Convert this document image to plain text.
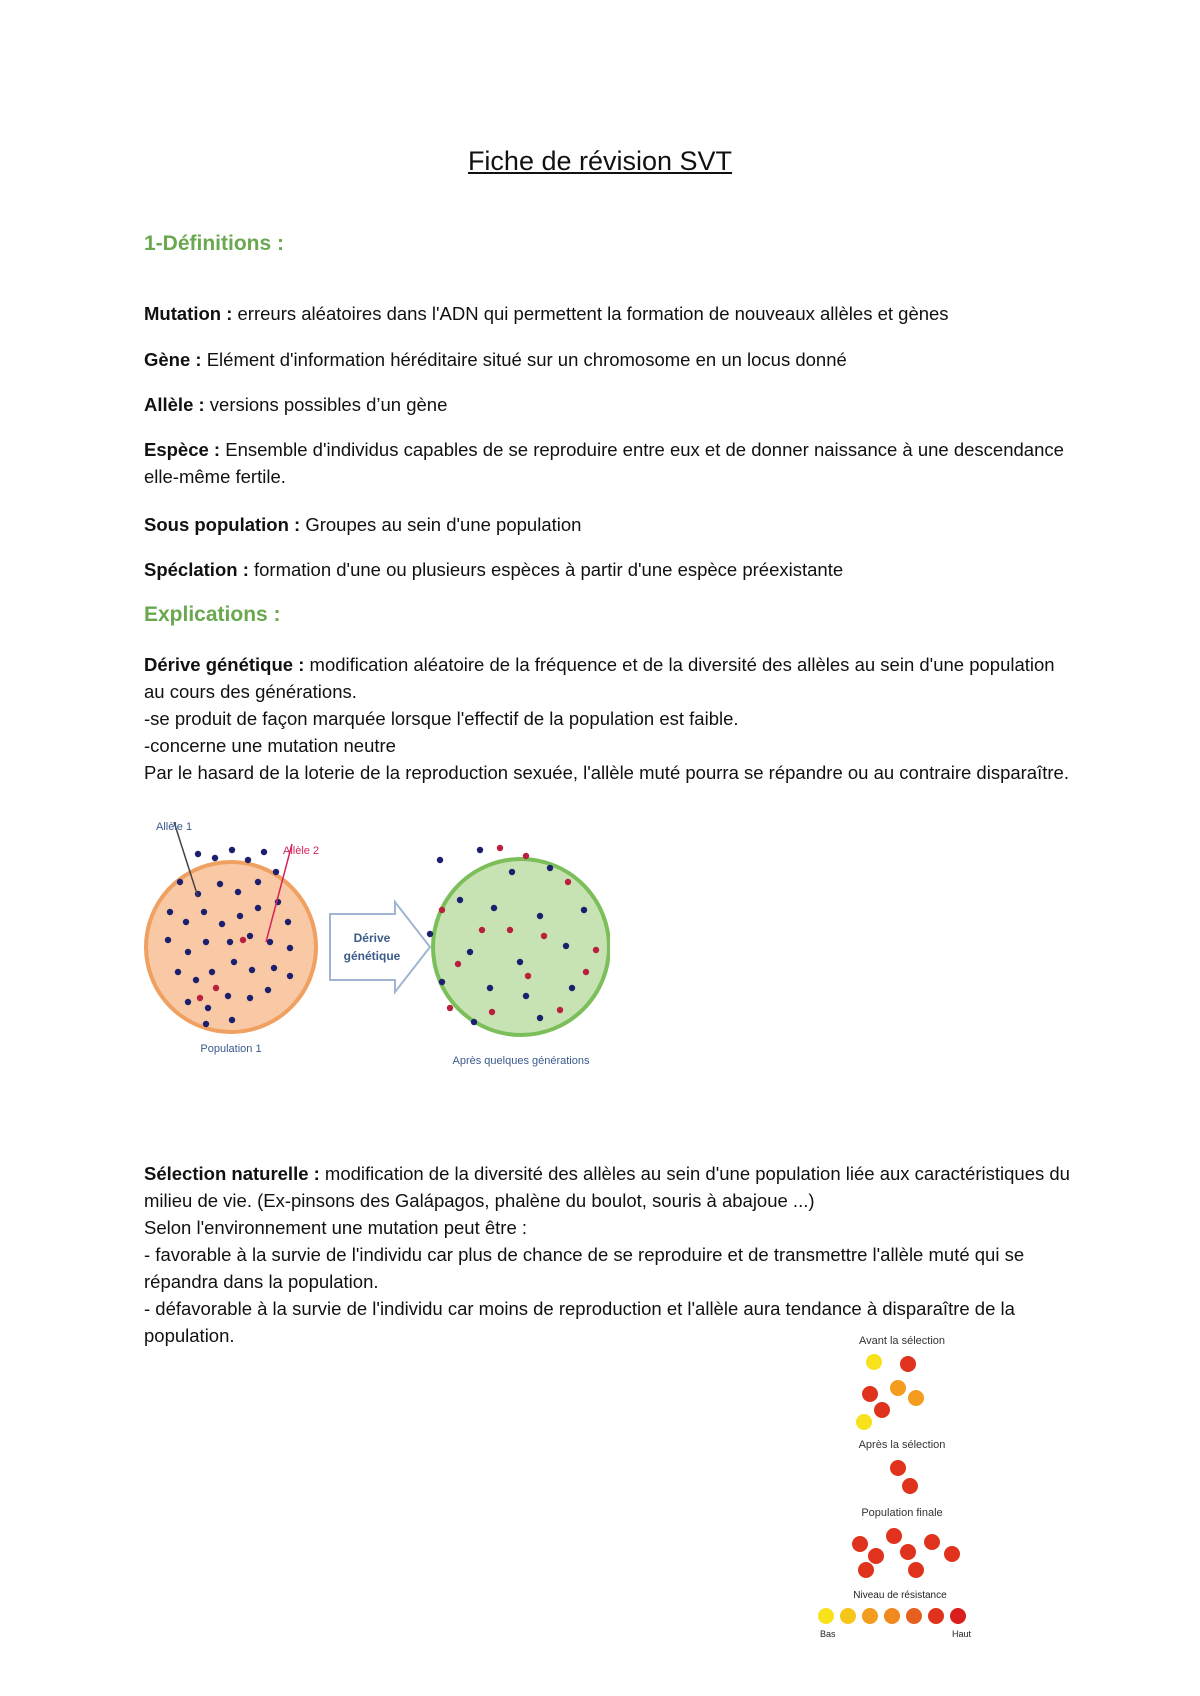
Fiche de révision SVT
1-Définitions :

Mutation : erreurs aléatoires dans l'ADN qui permettent la formation de nouveaux allèles et gènes

Gène : Elément d'information héréditaire situé sur un chromosome en un locus donné

Allèle : versions possibles d’un gène

Espèce : Ensemble d'individus capables de se reproduire entre eux et de donner naissance à une descendance elle-même fertile.

Sous population : Groupes au sein d'une population

Spéclation : formation d'une ou plusieurs espèces à partir d'une espèce préexistante

Explications :

Dérive génétique : modification aléatoire de la fréquence et de la diversité des allèles au sein d'une population au cours des générations.
-se produit de façon marquée lorsque l'effectif de la population est faible.
-concerne une mutation neutre
Par le hasard de la loterie de la reproduction sexuée, l'allèle muté pourra se répandre ou au contraire disparaître.

Allèle 1
Allèle 2
Dérive
génétique
Population 1
Après quelques générations

Sélection naturelle : modification de la diversité des allèles au sein d'une population liée aux caractéristiques du milieu de vie. (Ex-pinsons des Galápagos, phalène du boulot, souris à abajoue ...)
Selon l'environnement une mutation peut être :
- favorable à la survie de l'individu car plus de chance de se reproduire et de transmettre l'allèle muté qui se répandra dans la population.
- défavorable à la survie de l'individu car moins de reproduction et l'allèle aura tendance à disparaître de la population.	Avant la sélection
Après la sélection
Population finale
Niveau de résistance
Bas	Haut
